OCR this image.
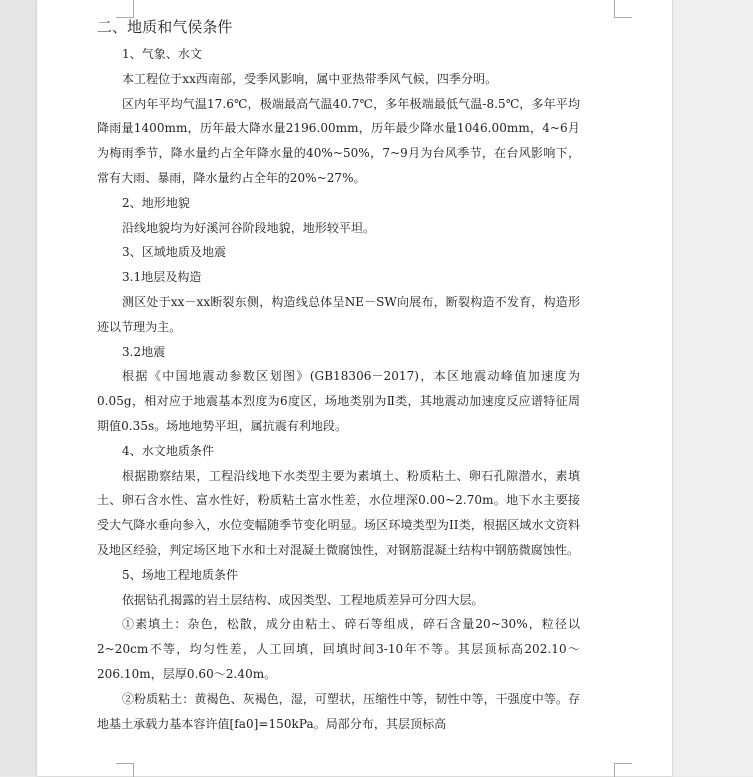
二、地质和气侯条件

1、气象、水文

本工程位于xx西南部，受季风影响，属中亚热带季风气候，四季分明。

区内年平均气温17.6℃，极端最高气温40.7℃，多年极端最低气温-8.5℃，多年平均降雨量1400mm，历年最大降水量2196.00mm，历年最少降水量1046.00mm，4~6月为梅雨季节，降水量约占全年降水量的40%~50%，7~9月为台风季节，在台风影响下，常有大雨、暴雨，降水量约占全年的20%~27%。

2、地形地貌

沿线地貌均为好溪河谷阶段地貌，地形较平坦。

3、区域地质及地震

3.1地层及构造

测区处于xx－xx断裂东侧，构造线总体呈NE－SW向展布，断裂构造不发育，构造形迹以节理为主。

3.2地震

根据《中国地震动参数区划图》(GB18306－2017)，本区地震动峰值加速度为0.05g，相对应于地震基本烈度为6度区，场地类别为Ⅱ类，其地震动加速度反应谱特征周期值0.35s。场地地势平坦，属抗震有利地段。

4、水文地质条件

根据勘察结果，工程沿线地下水类型主要为素填土、粉质粘土、卵石孔隙潜水，素填土、卵石含水性、富水性好，粉质粘土富水性差，水位埋深0.00~2.70m。地下水主要接受大气降水垂向参入，水位变幅随季节变化明显。场区环境类型为II类，根据区域水文资料及地区经验，判定场区地下水和土对混凝土微腐蚀性，对钢筋混凝土结构中钢筋微腐蚀性。

5、场地工程地质条件

依据钻孔揭露的岩土层结构、成因类型、工程地质差异可分四大层。

①素填土：杂色，松散，成分由粘土、碎石等组成，碎石含量20~30%，粒径以2~20cm不等，均匀性差，人工回填，回填时间3-10年不等。其层顶标高202.10～206.10m，层厚0.60～2.40m。

②粉质粘土：黄褐色、灰褐色，湿，可塑状，压缩性中等，韧性中等，干强度中等。存地基土承载力基本容许值[fa0]=150kPa。局部分布，其层顶标高
